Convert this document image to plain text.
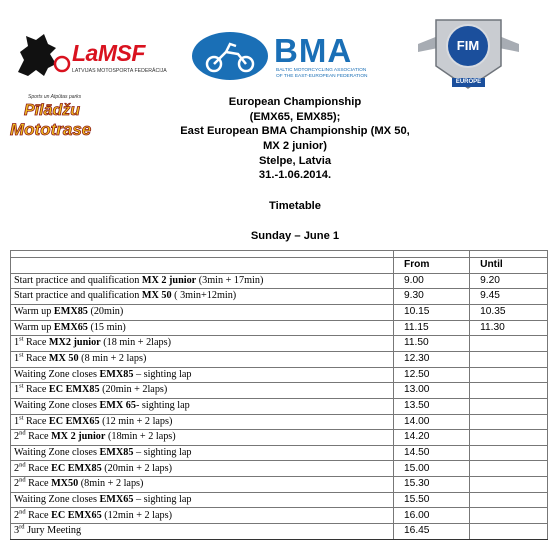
LaMSF
LATVIJAS MOTOSPORTA FEDERĀCIJA
BMA
BALTIC MOTORCYCLING ASSOCIATION
OF THE EAST-EUROPEAN FEDERATION
FIM
EUROPE
Sports un Atpūtas parks
Pīlādžu
Mototrase
European Championship
(EMX65, EMX85);
East European BMA Championship (MX 50,
MX 2 junior)
Stelpe, Latvia
31.-1.06.2014.
Timetable
Sunday – June 1

	From	Until
Start practice and qualification MX 2 junior (3min + 17min)	9.00	9.20
Start practice and qualification MX 50 ( 3min+12min)	9.30	9.45
Warm up EMX85 (20min)	10.15	10.35
Warm up EMX65 (15 min)	11.15	11.30
1st Race MX2 junior (18 min + 2laps)	11.50	
1st Race MX 50 (8 min + 2 laps)	12.30	
Waiting Zone closes EMX85 – sighting lap	12.50	
1st Race EC EMX85 (20min + 2laps)	13.00	
Waiting Zone closes EMX 65- sighting lap	13.50	
1st Race EC EMX65 (12 min + 2 laps)	14.00	
2nd Race MX 2 junior (18min + 2 laps)	14.20	
Waiting Zone closes EMX85 – sighting lap	14.50	
2nd Race EC EMX85 (20min + 2 laps)	15.00	
2nd Race MX50 (8min + 2 laps)	15.30	
Waiting Zone closes EMX65 – sighting lap	15.50	
2nd Race EC EMX65 (12min + 2 laps)	16.00	
3rd Jury Meeting	16.45	
